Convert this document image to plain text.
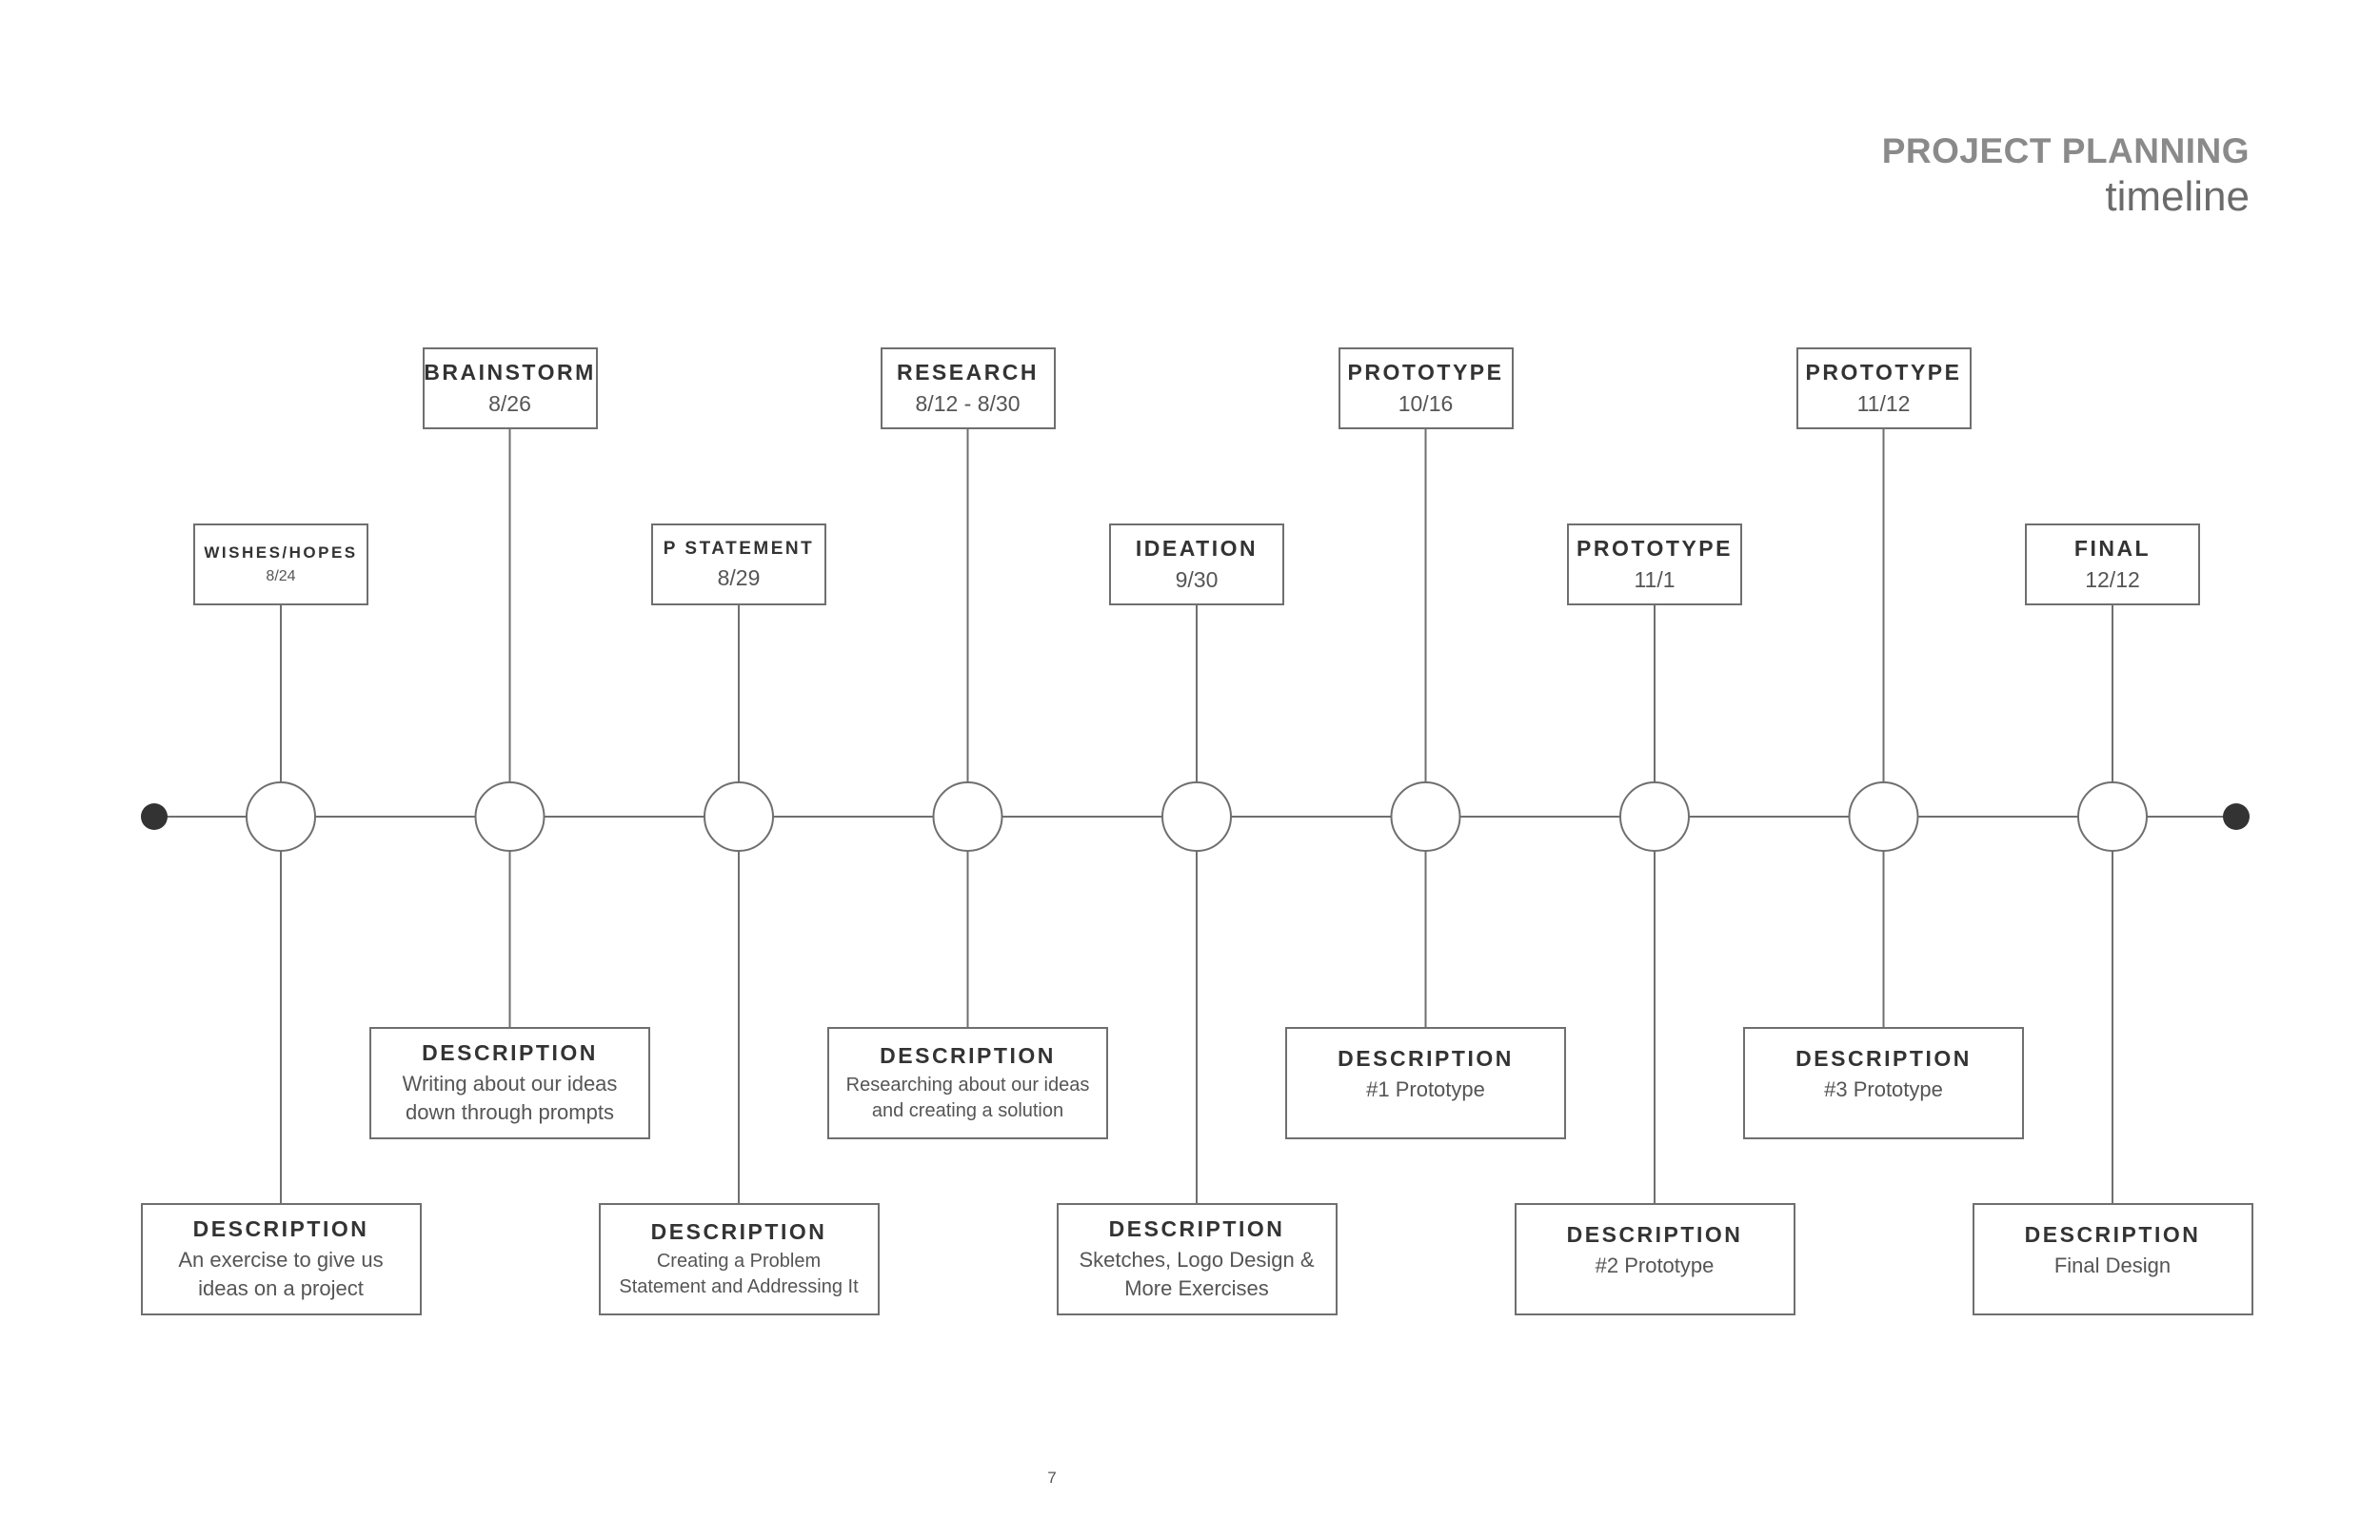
PROJECT PLANNING
timeline
WISHES/HOPES
8/24
DESCRIPTION
An exercise to give us
ideas on a project
BRAINSTORM
8/26
DESCRIPTION
Writing about our ideas
down through prompts
P STATEMENT
8/29
DESCRIPTION
Creating a Problem
Statement and Addressing It
RESEARCH
8/12 - 8/30
DESCRIPTION
Researching about our ideas
and creating a solution
IDEATION
9/30
DESCRIPTION
Sketches, Logo Design &
More Exercises
PROTOTYPE
10/16
DESCRIPTION
#1 Prototype
PROTOTYPE
11/1
DESCRIPTION
#2 Prototype
PROTOTYPE
11/12
DESCRIPTION
#3 Prototype
FINAL
12/12
DESCRIPTION
Final Design
7
